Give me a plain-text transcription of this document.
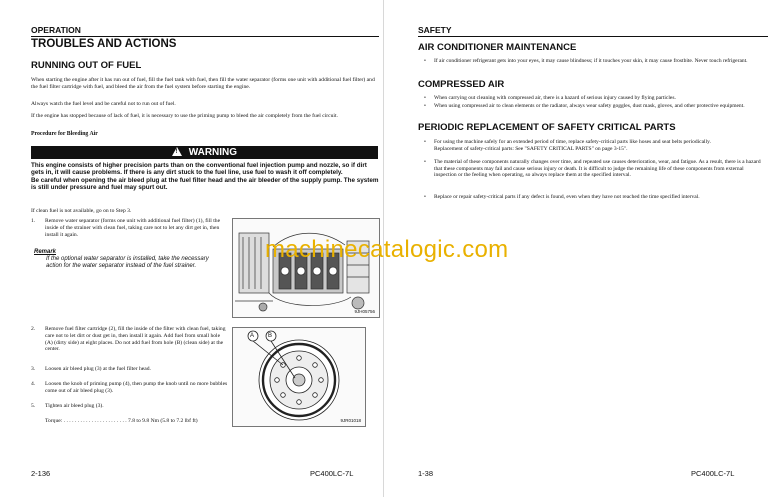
OPERATION
TROUBLES AND ACTIONS
RUNNING OUT OF FUEL

When starting the engine after it has run out of fuel, fill the fuel tank with fuel, then fill the water separator (forms one unit with additional fuel filter) and the fuel filter cartridge with fuel, and bleed the air from the fuel system before starting the engine.

Always watch the fuel level and be careful not to run out of fuel.

If the engine has stopped because of lack of fuel, it is necessary to use the priming pump to bleed the air completely from the fuel circuit.

Procedure for Bleeding Air
! WARNING

This engine consists of higher precision parts than on the conventional fuel injection pump and nozzle, so if dirt gets in, it will cause problems. If there is any dirt stuck to the fuel line, use fuel to wash it off completely.
Be careful when opening the air bleed plug at the fuel filter head and the air bleeder of the supply pump. The system is still under pressure and fuel may spurt out.

If clean fuel is not available, go on to Step 3.

1. Remove water separator (forms one unit with additional fuel filter) (1), fill the inside of the strainer with clean fuel, taking care not to let any dirt get in, then install it again.
Remark

If the optional water separator is installed, take the necessary action for the water separator instead of the fuel strainer.

9JH05756
2. Remove fuel filter cartridge (2), fill the inside of the filter with clean fuel, taking care not to let dirt or dust get in, then install it again. Add fuel from small hole (A) (dirty side) at eight places. Do not add fuel from hole (B) (clean side) at the center.
3. Loosen air bleed plug (3) at the fuel filter head.
4. Loosen the knob of priming pump (4), then pump the knob until no more bubbles come out of air bleed plug (3).
5. Tighten air bleed plug (3).
Torque: . . . . . . . . . . . . . . . . . . . . . . . 7.8 to 9.8 Nm (5.8 to 7.2 lbf ft)
A B
9JR01018
2-136	PC400LC-7L
SAFETY
AIR CONDITIONER MAINTENANCE
• If air conditioner refrigerant gets into your eyes, it may cause blindness; if it touches your skin, it may cause frostbite. Never touch refrigerant.
COMPRESSED AIR
• When carrying out cleaning with compressed air, there is a hazard of serious injury caused by flying particles.
• When using compressed air to clean elements or the radiator, always wear safety goggles, dust mask, gloves, and other protective equipment.
PERIODIC REPLACEMENT OF SAFETY CRITICAL PARTS
• For using the machine safely for an extended period of time, replace safety-critical parts like hoses and seat belts periodically.
Replacement of safety-critical parts: See "SAFETY CRITICAL PARTS" on page 3-15".
• The material of these components naturally changes over time, and repeated use causes deterioration, wear, and fatigue. As a result, there is a hazard that these components may fail and cause serious injury or death. It is difficult to judge the remaining life of these components from external inspection or the feeling when operating, so always replace them at the specified interval.
• Replace or repair safety-critical parts if any defect is found, even when they have not reached the time specified interval.
1-38	PC400LC-7L
machinecatalogic.com
